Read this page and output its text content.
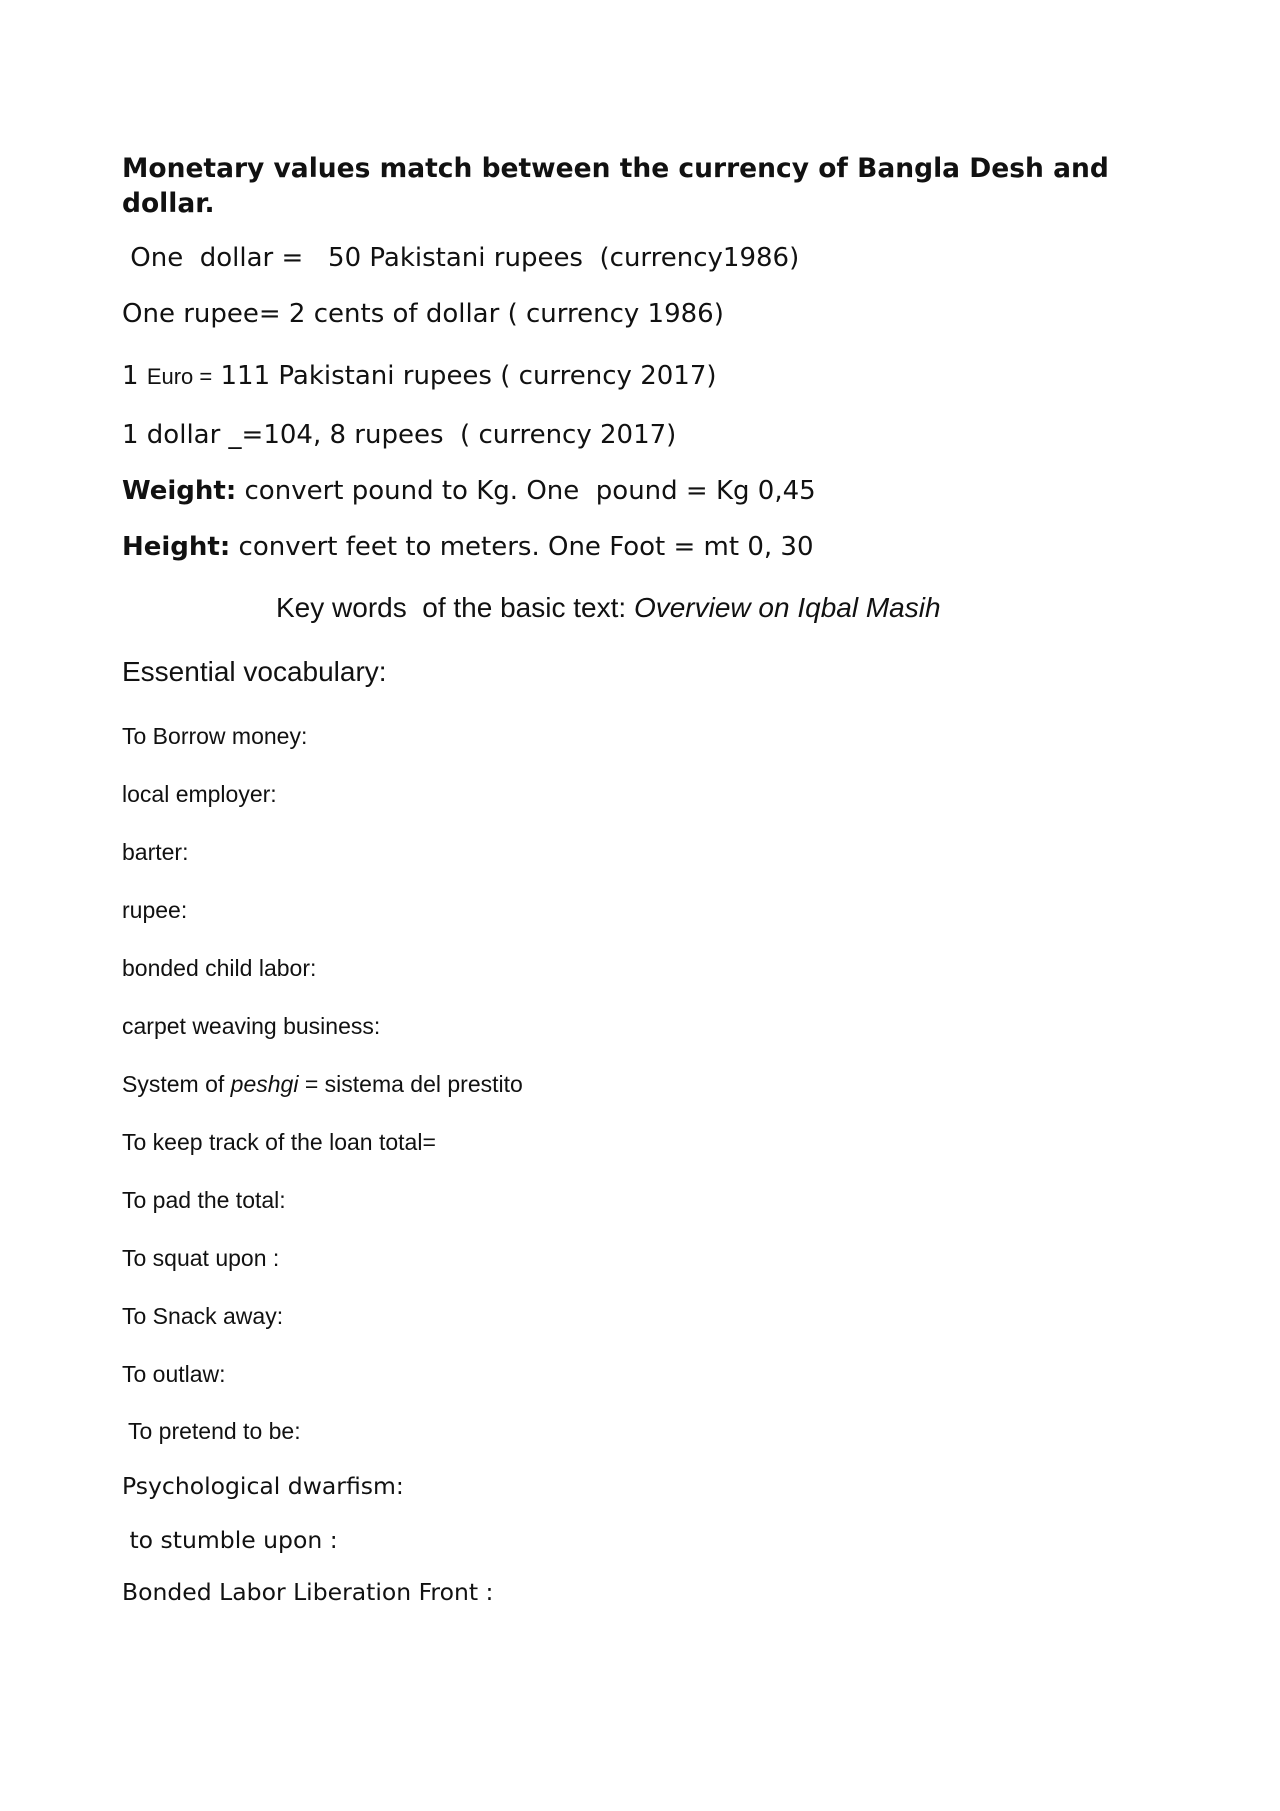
Monetary values match between the currency of Bangla Desh and dollar.

One  dollar =   50 Pakistani rupees  (currency1986)

One rupee= 2 cents of dollar ( currency 1986)

1 Euro = 111 Pakistani rupees ( currency 2017)

1 dollar _=104, 8 rupees  ( currency 2017)

Weight: convert pound to Kg. One  pound = Kg 0,45

Height: convert feet to meters. One Foot = mt 0, 30

Key words  of the basic text: Overview on Iqbal Masih

Essential vocabulary:

To Borrow money:

local employer:

barter:

rupee:

bonded child labor:

carpet weaving business:

System of peshgi = sistema del prestito

To keep track of the loan total=

To pad the total:

To squat upon :

To Snack away:

To outlaw:

To pretend to be:

Psychological dwarfism:

to stumble upon :

Bonded Labor Liberation Front :
